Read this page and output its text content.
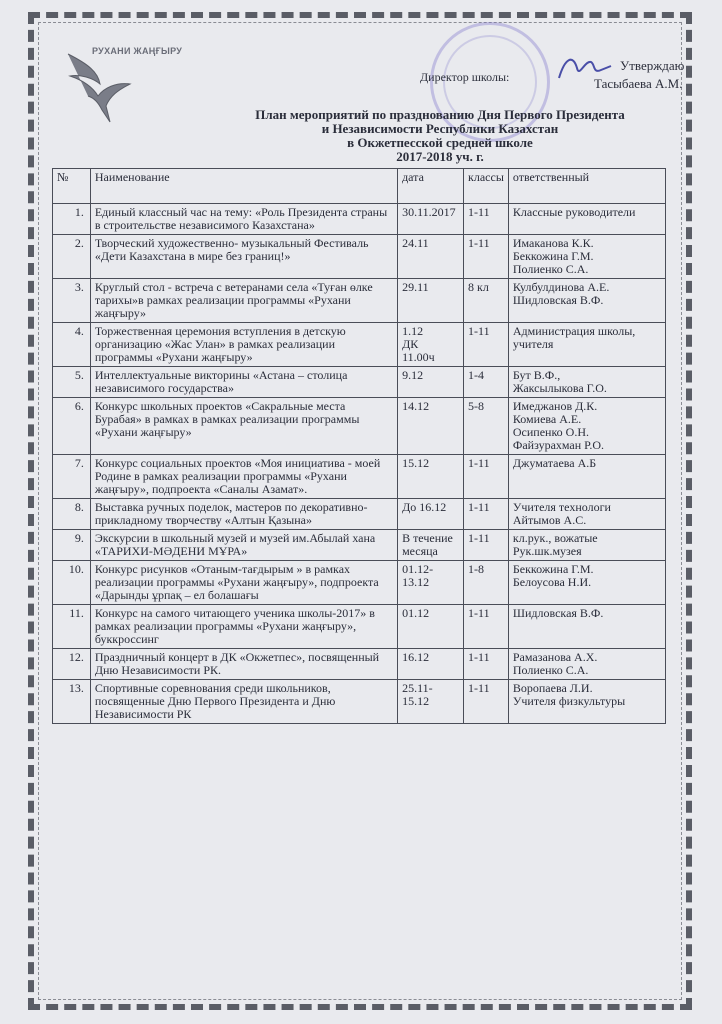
РУХАНИ ЖАҢҒЫРУ
Утверждаю
Директор школы:	Тасыбаева А.М.
План мероприятий по празднованию Дня Первого Президента
и Независимости Республики Казахстан
в Окжетпесской средней школе
2017-2018 уч. г.
№	Наименование	дата	классы	ответственный
1.	Единый классный час на тему: «Роль Президента страны в строительстве независимого Казахстана»	30.11.2017	1-11	Классные руководители
2.	Творческий художественно- музыкальный Фестиваль «Дети Казахстана в мире без границ!»	24.11	1-11	Имаканова К.К.
Беккожина Г.М.
Полиенко С.А.
3.	Круглый стол - встреча с ветеранами села «Туған өлке тарихы»в рамках реализации программы «Рухани жаңғыру»	29.11	8 кл	Кулбулдинова А.Е.
Шидловская В.Ф.
4.	Торжественная церемония вступления в детскую организацию «Жас Улан» в рамках реализации программы «Рухани жаңғыру»	1.12
ДК
11.00ч	1-11	Администрация школы, учителя
5.	Интеллектуальные викторины «Астана – столица независимого государства»	9.12	1-4	Бут В.Ф.,
Жаксылыкова Г.О.
6.	Конкурс школьных проектов «Сакральные места Бурабая» в рамках в рамках реализации программы «Рухани жаңғыру»	14.12	5-8	Имеджанов Д.К.
Комиева А.Е.
Осипенко О.Н.
Файзурахман Р.О.
7.	Конкурс социальных проектов «Моя инициатива - моей Родине в рамках реализации программы «Рухани жаңғыру», подпроекта «Саналы Азамат».	15.12	1-11	Джуматаева А.Б
8.	Выставка ручных поделок, мастеров по декоративно-прикладному творчеству «Алтын Қазына»	До 16.12	1-11	Учителя технологи Айтымов А.С.
9.	Экскурсии в школьный музей и музей им.Абылай хана «ТАРИХИ-МӘДЕНИ МҰРА»	В течение месяца	1-11	кл.рук., вожатые Рук.шк.музея
10.	Конкурс рисунков «Отаным-тағдырым » в рамках реализации программы «Рухани жаңғыру», подпроекта «Дарынды ұрпақ – ел болашағы	01.12-
13.12	1-8	Беккожина Г.М.
Белоусова Н.И.
11.	Конкурс на самого читающего ученика школы-2017» в рамках реализации программы «Рухани жаңғыру», буккроссинг	01.12	1-11	Шидловская В.Ф.
12.	Праздничный концерт в ДК «Окжетпес», посвященный Дню Независимости РК.	16.12	1-11	Рамазанова А.Х.
Полиенко С.А.
13.	Спортивные соревнования среди школьников, посвященные Дню Первого Президента и Дню Независимости РК	25.11-
15.12	1-11	Воропаева Л.И.
Учителя физкультуры
